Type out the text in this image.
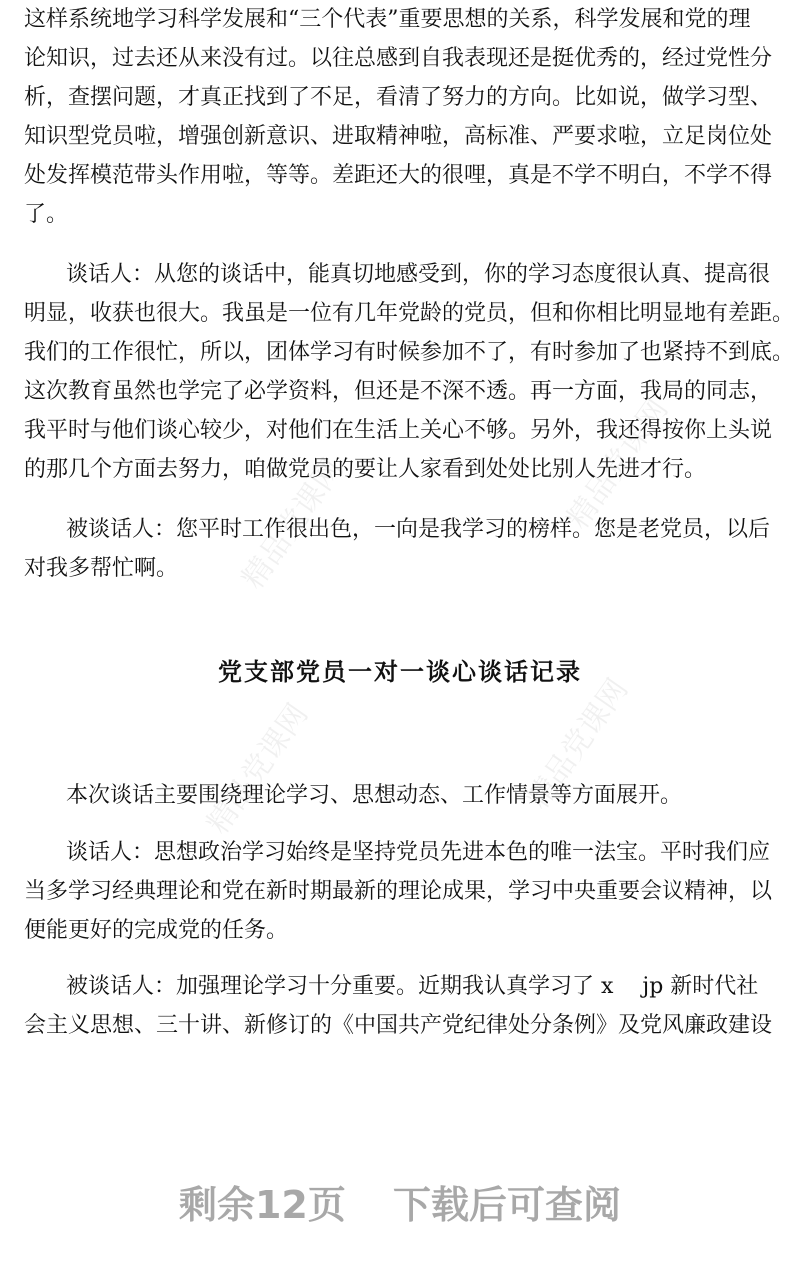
精品党课网	精品党课网
精品党课网	精品党课网
这样系统地学习科学发展和“三个代表”重要思想的关系，科学发展和党的理
论知识，过去还从来没有过。以往总感到自我表现还是挺优秀的，经过党性分
析，查摆问题，才真正找到了不足，看清了努力的方向。比如说，做学习型、
知识型党员啦，增强创新意识、进取精神啦，高标准、严要求啦，立足岗位处
处发挥模范带头作用啦，等等。差距还大的很哩，真是不学不明白，不学不得
了。
谈话人：从您的谈话中，能真切地感受到，你的学习态度很认真、提高很
明显，收获也很大。我虽是一位有几年党龄的党员，但和你相比明显地有差距。
我们的工作很忙，所以，团体学习有时候参加不了，有时参加了也紧持不到底。
这次教育虽然也学完了必学资料，但还是不深不透。再一方面，我局的同志，
我平时与他们谈心较少，对他们在生活上关心不够。另外，我还得按你上头说
的那几个方面去努力，咱做党员的要让人家看到处处比别人先进才行。
被谈话人：您平时工作很出色，一向是我学习的榜样。您是老党员，以后
对我多帮忙啊。
本次谈话主要围绕理论学习、思想动态、工作情景等方面展开。
谈话人：思想政治学习始终是坚持党员先进本色的唯一法宝。平时我们应
当多学习经典理论和党在新时期最新的理论成果，学习中央重要会议精神，以
便能更好的完成党的任务。
被谈话人：加强理论学习十分重要。近期我认真学习了 x　 jp 新时代社
会主义思想、三十讲、新修订的《中国共产党纪律处分条例》及党风廉政建设
党支部党员一对一谈心谈话记录
剩余12页 下载后可查阅
